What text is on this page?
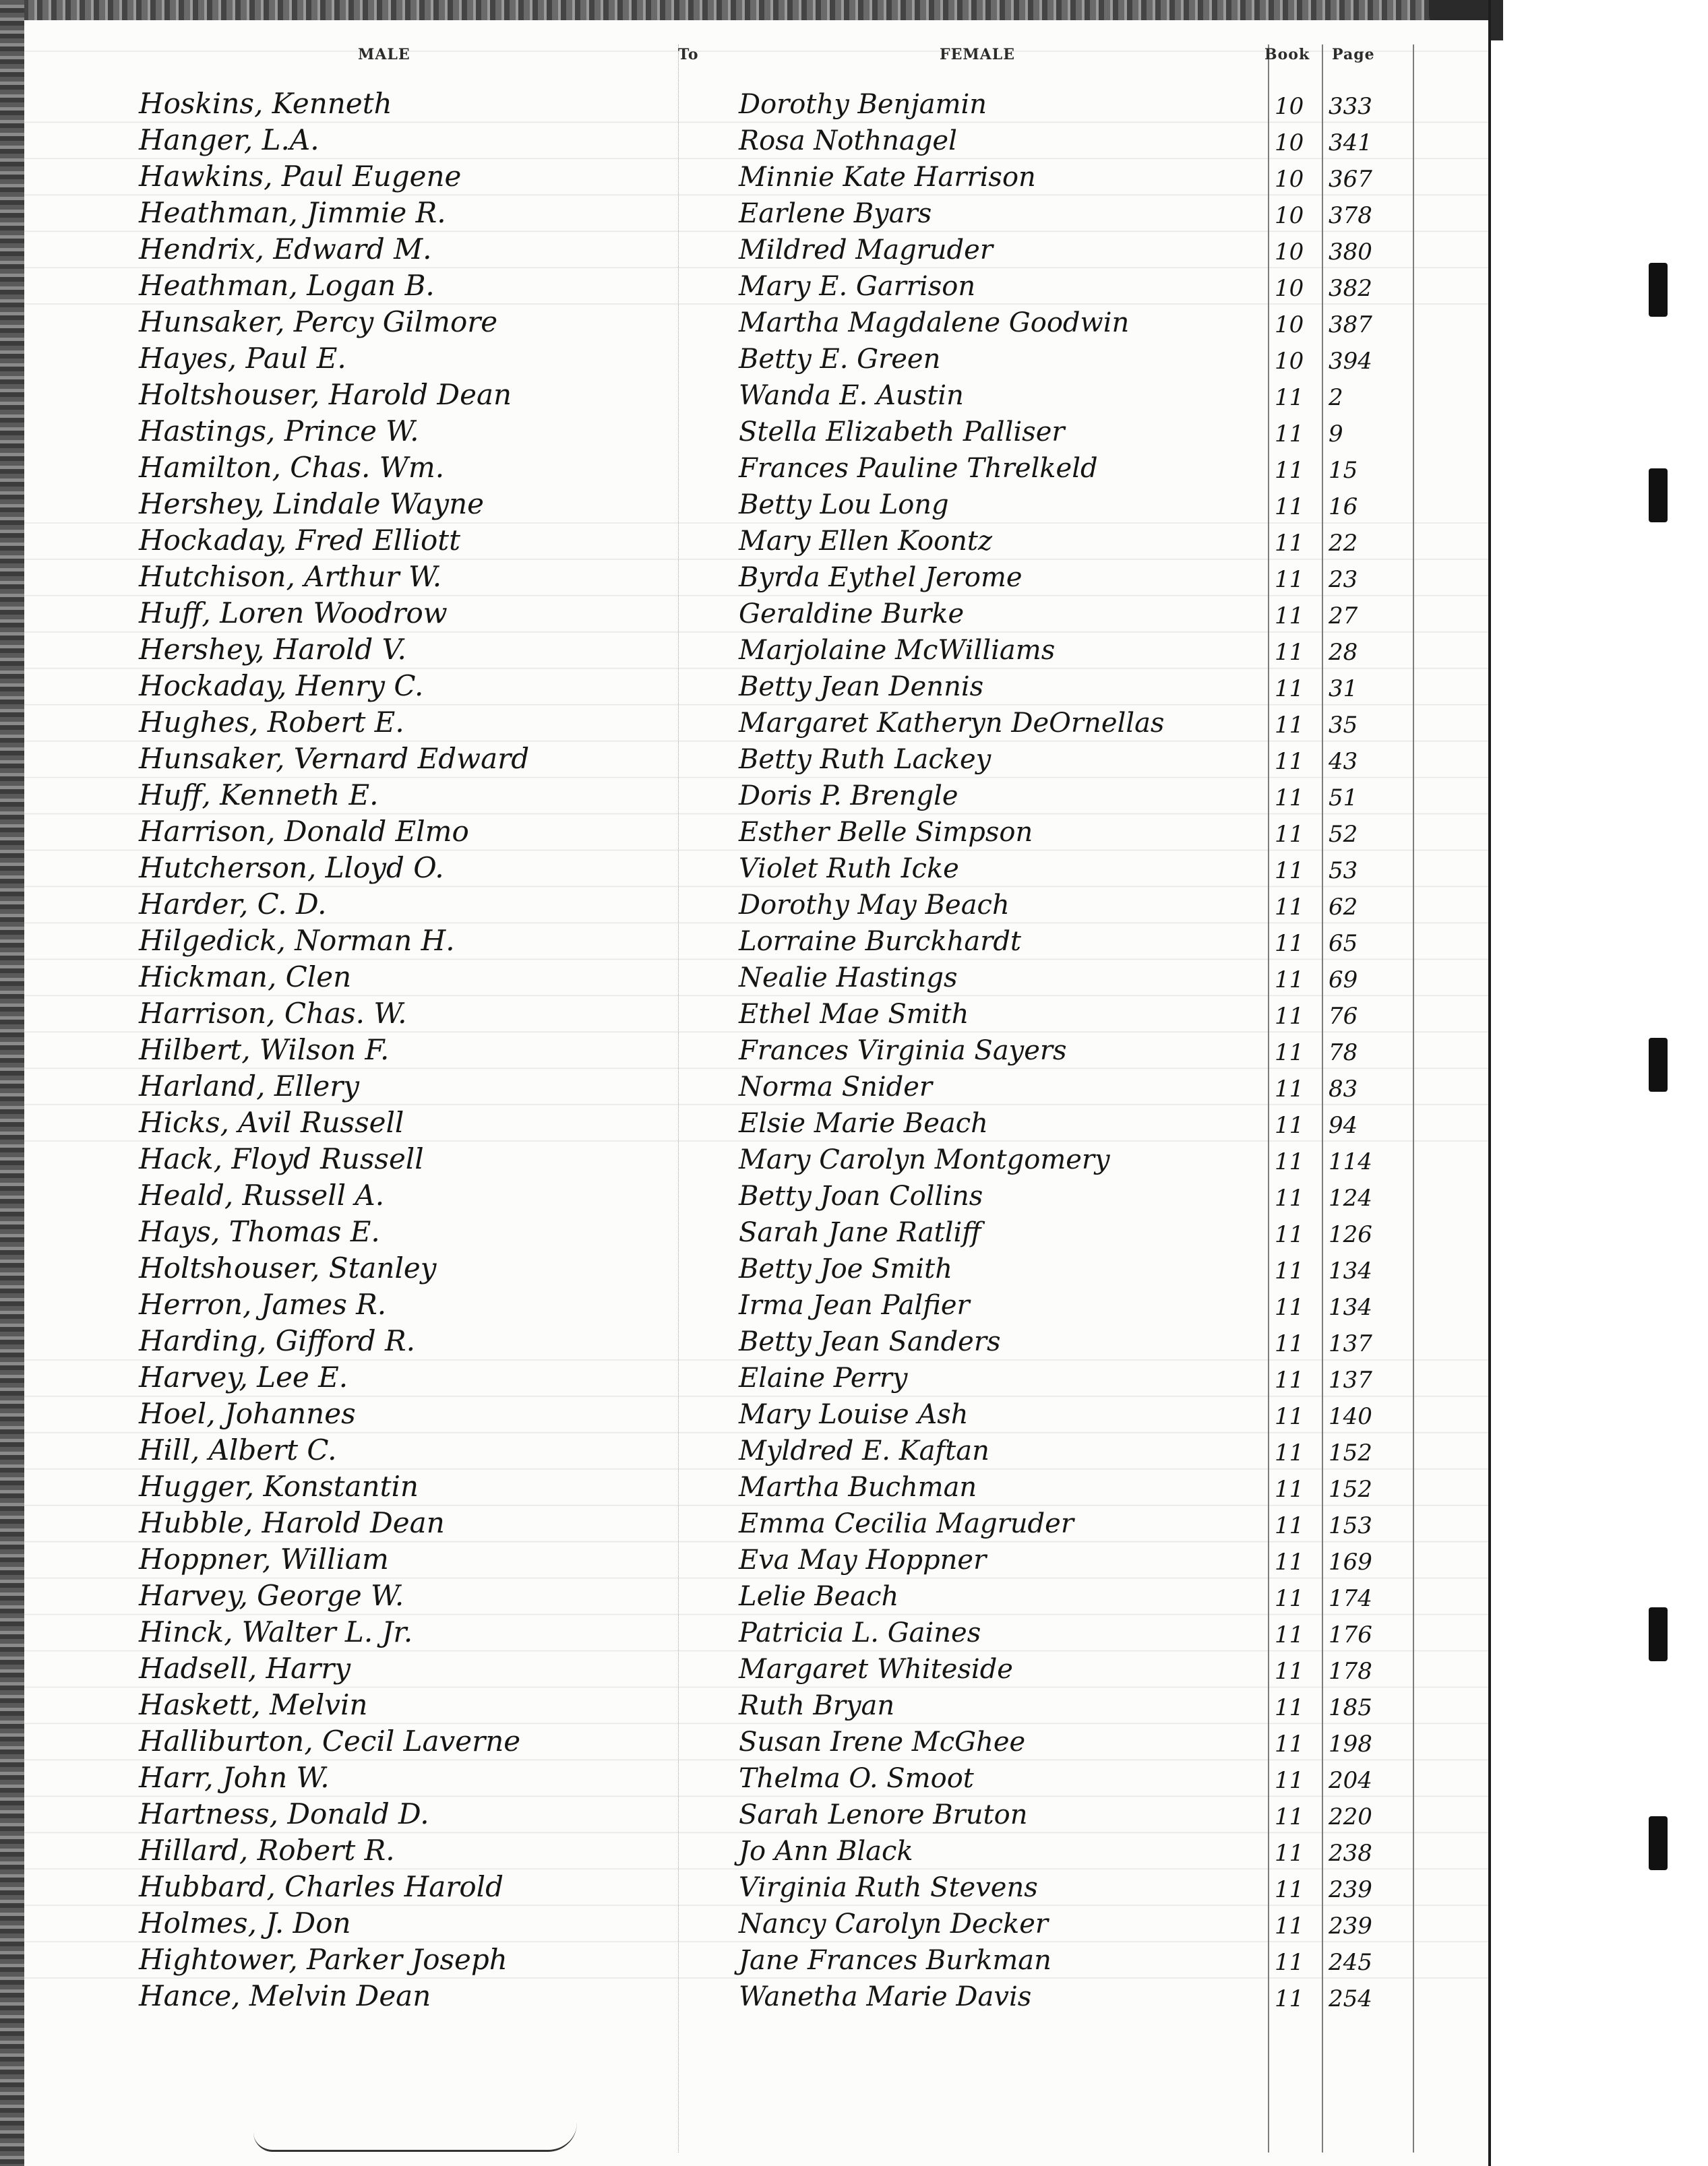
MALE	To	FEMALE	Book Page
Hoskins, Kenneth	Dorothy Benjamin	10 333
Hanger, L.A.	Rosa Nothnagel	10 341
Hawkins, Paul Eugene	Minnie Kate Harrison	10 367
Heathman, Jimmie R.	Earlene Byars	10 378
Hendrix, Edward M.	Mildred Magruder	10 380
Heathman, Logan B.	Mary E. Garrison	10 382
Hunsaker, Percy Gilmore	Martha Magdalene Goodwin	10 387
Hayes, Paul E.	Betty E. Green	10 394
Holtshouser, Harold Dean	Wanda E. Austin	11 2
Hastings, Prince W.	Stella Elizabeth Palliser	11 9
Hamilton, Chas. Wm.	Frances Pauline Threlkeld	11 15
Hershey, Lindale Wayne	Betty Lou Long	11 16
Hockaday, Fred Elliott	Mary Ellen Koontz	11 22
Hutchison, Arthur W.	Byrda Eythel Jerome	11 23
Huff, Loren Woodrow	Geraldine Burke	11 27
Hershey, Harold V.	Marjolaine McWilliams	11 28
Hockaday, Henry C.	Betty Jean Dennis	11 31
Hughes, Robert E.	Margaret Katheryn DeOrnellas	11 35
Hunsaker, Vernard Edward	Betty Ruth Lackey	11 43
Huff, Kenneth E.	Doris P. Brengle	11 51
Harrison, Donald Elmo	Esther Belle Simpson	11 52
Hutcherson, Lloyd O.	Violet Ruth Icke	11 53
Harder, C. D.	Dorothy May Beach	11 62
Hilgedick, Norman H.	Lorraine Burckhardt	11 65
Hickman, Clen	Nealie Hastings	11 69
Harrison, Chas. W.	Ethel Mae Smith	11 76
Hilbert, Wilson F.	Frances Virginia Sayers	11 78
Harland, Ellery	Norma Snider	11 83
Hicks, Avil Russell	Elsie Marie Beach	11 94
Hack, Floyd Russell	Mary Carolyn Montgomery	11 114
Heald, Russell A.	Betty Joan Collins	11 124
Hays, Thomas E.	Sarah Jane Ratliff	11 126
Holtshouser, Stanley	Betty Joe Smith	11 134
Herron, James R.	Irma Jean Palfier	11 134
Harding, Gifford R.	Betty Jean Sanders	11 137
Harvey, Lee E.	Elaine Perry	11 137
Hoel, Johannes	Mary Louise Ash	11 140
Hill, Albert C.	Myldred E. Kaftan	11 152
Hugger, Konstantin	Martha Buchman	11 152
Hubble, Harold Dean	Emma Cecilia Magruder	11 153
Hoppner, William	Eva May Hoppner	11 169
Harvey, George W.	Lelie Beach	11 174
Hinck, Walter L. Jr.	Patricia L. Gaines	11 176
Hadsell, Harry	Margaret Whiteside	11 178
Haskett, Melvin	Ruth Bryan	11 185
Halliburton, Cecil Laverne	Susan Irene McGhee	11 198
Harr, John W.	Thelma O. Smoot	11 204
Hartness, Donald D.	Sarah Lenore Bruton	11 220
Hillard, Robert R.	Jo Ann Black	11 238
Hubbard, Charles Harold	Virginia Ruth Stevens	11 239
Holmes, J. Don	Nancy Carolyn Decker	11 239
Hightower, Parker Joseph	Jane Frances Burkman	11 245
Hance, Melvin Dean	Wanetha Marie Davis	11 254
